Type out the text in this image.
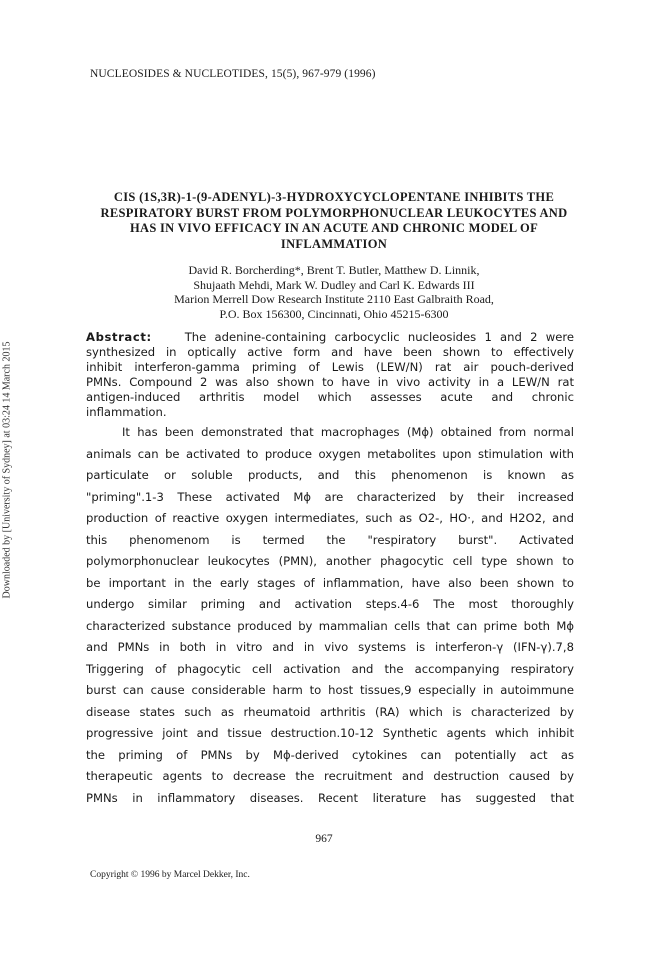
NUCLEOSIDES & NUCLEOTIDES, 15(5), 967-979 (1996)
Downloaded by [University of Sydney] at 03:24 14 March 2015
CIS (1S,3R)-1-(9-ADENYL)-3-HYDROXYCYCLOPENTANE INHIBITS THE
RESPIRATORY BURST FROM POLYMORPHONUCLEAR LEUKOCYTES AND
HAS IN VIVO EFFICACY IN AN ACUTE AND CHRONIC MODEL OF
INFLAMMATION
David R. Borcherding*, Brent T. Butler, Matthew D. Linnik,
Shujaath Mehdi, Mark W. Dudley and Carl K. Edwards III
Marion Merrell Dow Research Institute 2110 East Galbraith Road,
P.O. Box 156300, Cincinnati, Ohio 45215-6300
Abstract:	The adenine-containing carbocyclic nucleosides 1 and 2 were
synthesized in optically active form and have been shown to effectively
inhibit interferon-gamma priming of Lewis (LEW/N) rat air pouch-derived
PMNs. Compound 2 was also shown to have in vivo activity in a LEW/N rat
antigen-induced arthritis model which assesses acute and chronic
inflammation.
It has been demonstrated that macrophages (Mϕ) obtained from normal
animals can be activated to produce oxygen metabolites upon stimulation with
particulate or soluble products, and this phenomenon is known as
"priming".1-3 These activated Mϕ are characterized by their increased
production of reactive oxygen intermediates, such as O2-, HO·, and H2O2, and
this phenomenom is termed the "respiratory burst". Activated
polymorphonuclear leukocytes (PMN), another phagocytic cell type shown to
be important in the early stages of inflammation, have also been shown to
undergo similar priming and activation steps.4-6 The most thoroughly
characterized substance produced by mammalian cells that can prime both Mϕ
and PMNs in both in vitro and in vivo systems is interferon-γ (IFN-γ).7,8
Triggering of phagocytic cell activation and the accompanying respiratory
burst can cause considerable harm to host tissues,9 especially in autoimmune
disease states such as rheumatoid arthritis (RA) which is characterized by
progressive joint and tissue destruction.10-12 Synthetic agents which inhibit
the priming of PMNs by Mϕ-derived cytokines can potentially act as
therapeutic agents to decrease the recruitment and destruction caused by
PMNs in inflammatory diseases. Recent literature has suggested that
967
Copyright © 1996 by Marcel Dekker, Inc.
